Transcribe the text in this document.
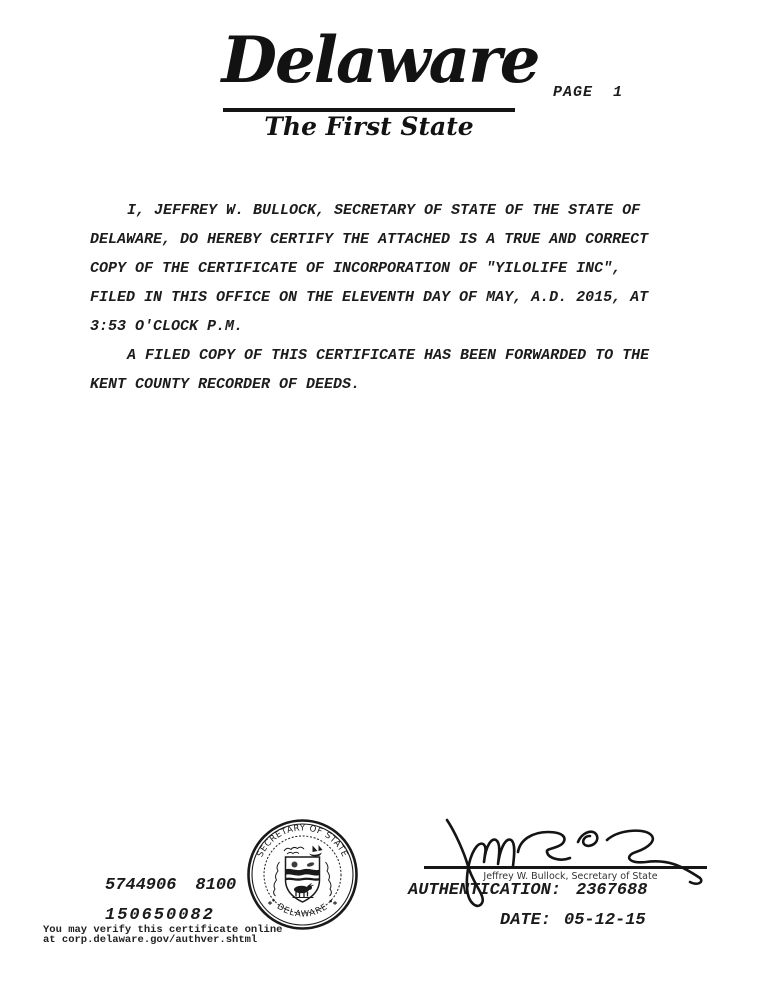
Delaware PAGE 1
The First State
I, JEFFREY W. BULLOCK, SECRETARY OF STATE OF THE STATE OF
DELAWARE, DO HEREBY CERTIFY THE ATTACHED IS A TRUE AND CORRECT
COPY OF THE CERTIFICATE OF INCORPORATION OF "YILOLIFE INC",
FILED IN THIS OFFICE ON THE ELEVENTH DAY OF MAY, A.D. 2015, AT
3:53 O'CLOCK P.M.
A FILED COPY OF THIS CERTIFICATE HAS BEEN FORWARDED TO THE
KENT COUNTY RECORDER OF DEEDS.
SECRETARY OF STATE
• DELAWARE •
5744906 8100
150650082
You may verify this certificate online
at corp.delaware.gov/authver.shtml
Jeffrey W. Bullock, Secretary of State
AUTHENTICATION: 2367688
DATE: 05-12-15
